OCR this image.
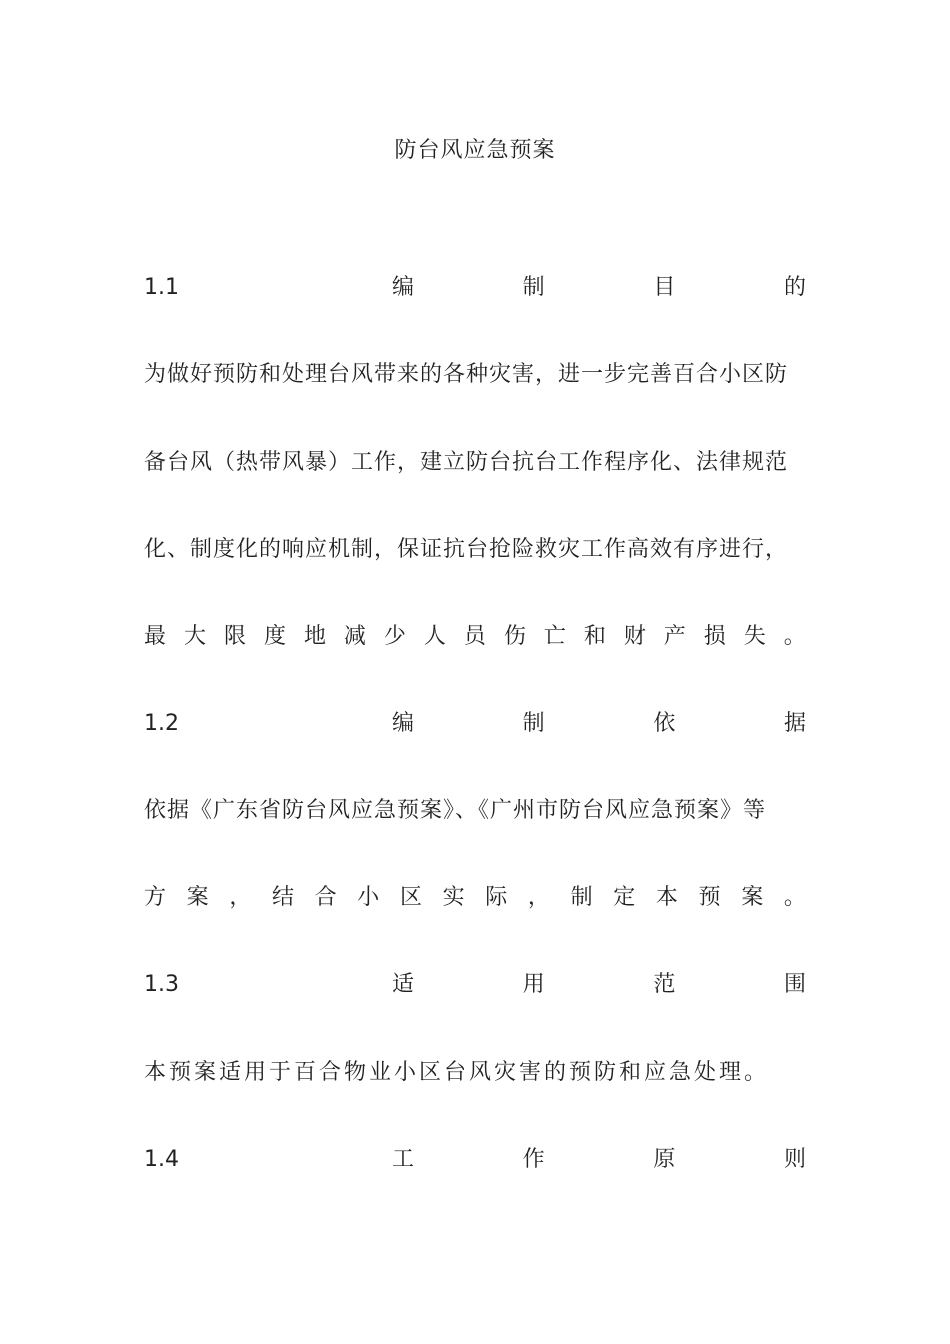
防台风应急预案
1.1	编	制	目	的
为做好预防和处理台风带来的各种灾害，进一步完善百合小区防
备台风（热带风暴）工作，建立防台抗台工作程序化、法律规范
化、制度化的响应机制，保证抗台抢险救灾工作高效有序进行，
最 大 限 度 地 减 少 人 员 伤 亡 和 财 产 损 失 。
1.2	编	制	依	据
依据《广东省防台风应急预案》、《广州市防台风应急预案》等
方 案 ， 结 合 小 区 实 际 ， 制 定 本 预 案 。
1.3	适	用	范	围
本预案适用于百合物业小区台风灾害的预防和应急处理。
1.4	工	作	原	则
